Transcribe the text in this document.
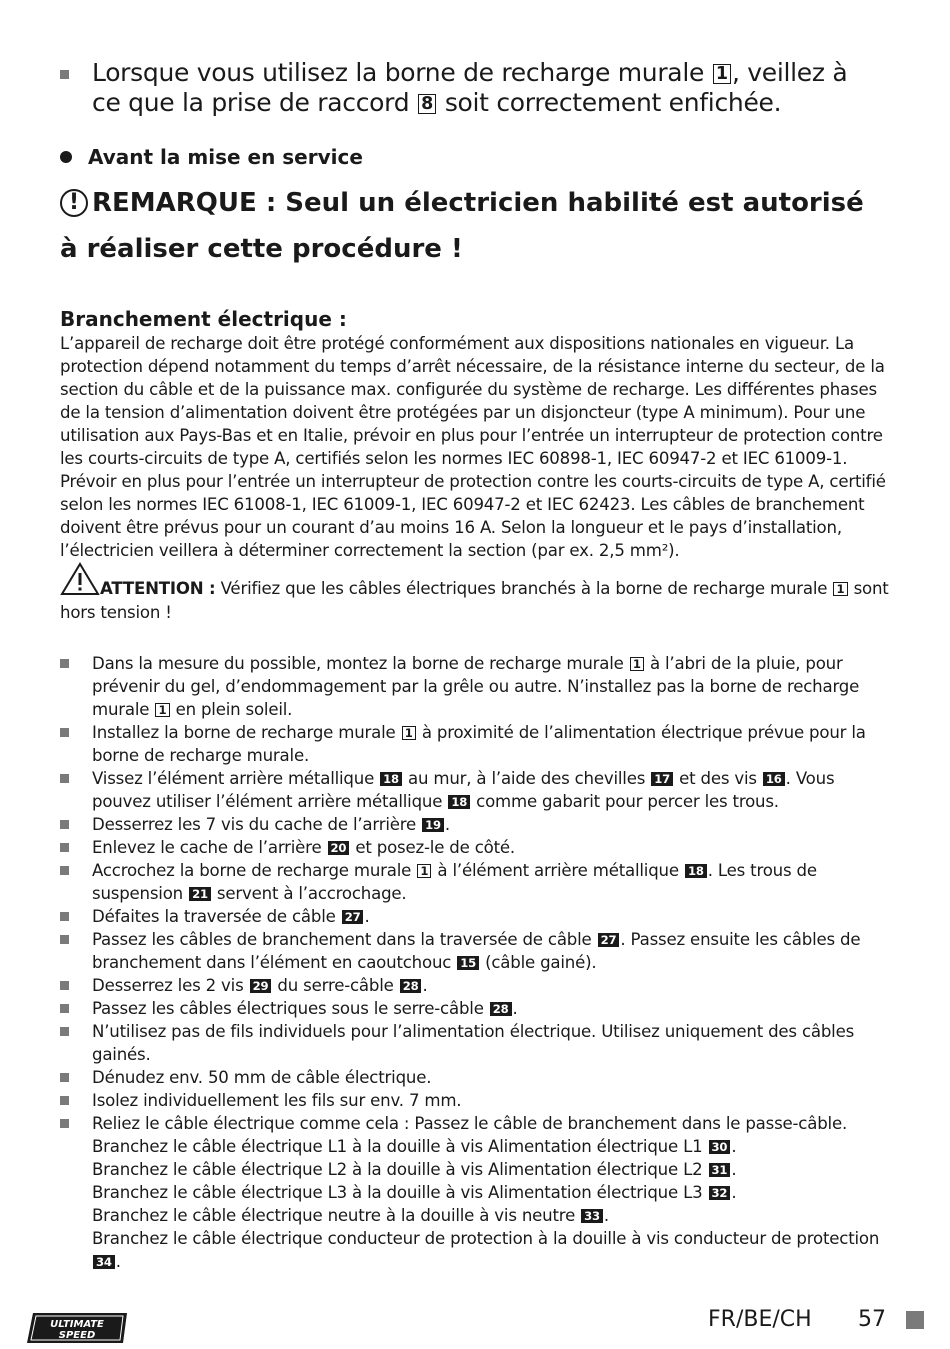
Lorsque vous utilisez la borne de recharge murale 1 , veillez à ce que la prise de raccord 8 soit correctement enfichée.
Avant la mise en service
! REMARQUE : Seul un électricien habilité est autorisé à réaliser cette procédure !
Branchement électrique :

L’appareil de recharge doit être protégé conformément aux dispositions nationales en vigueur. La protection dépend notamment du temps d’arrêt nécessaire, de la résistance interne du secteur, de la section du câble et de la puissance max. configurée du système de recharge. Les différentes phases de la tension d’alimentation doivent être protégées par un disjoncteur (type A minimum). Pour une utilisation aux Pays-Bas et en Italie, prévoir en plus pour l’entrée un interrupteur de protection contre les courts-circuits de type A, certifiés selon les normes IEC 60898-1, IEC 60947-2 et IEC 61009-1.

Prévoir en plus pour l’entrée un interrupteur de protection contre les courts-circuits de type A, certifié selon les normes IEC 61008-1, IEC 61009-1, IEC 60947-2 et IEC 62423. Les câbles de branchement doivent être prévus pour un courant d’au moins 16 A. Selon la longueur et le pays d’installation, l’électricien veillera à déterminer correctement la section (par ex. 2,5 mm²).

ATTENTION : Vérifiez que les câbles électriques branchés à la borne de recharge murale 1 sont hors tension !
Dans la mesure du possible, montez la borne de recharge murale 1 à l’abri de la pluie, pour prévenir du gel, d’endommagement par la grêle ou autre. N’installez pas la borne de recharge murale 1 en plein soleil.
Installez la borne de recharge murale 1 à proximité de l’alimentation électrique prévue pour la borne de recharge murale.
Vissez l’élément arrière métallique 18 au mur, à l’aide des chevilles 17 et des vis 16 . Vous pouvez utiliser l’élément arrière métallique 18 comme gabarit pour percer les trous.
Desserrez les 7 vis du cache de l’arrière 19 .
Enlevez le cache de l’arrière 20 et posez-le de côté.
Accrochez la borne de recharge murale 1 à l’élément arrière métallique 18 . Les trous de suspension 21 servent à l’accrochage.
Défaites la traversée de câble 27 .
Passez les câbles de branchement dans la traversée de câble 27 . Passez ensuite les câbles de branchement dans l’élément en caoutchouc 15 (câble gainé).
Desserrez les 2 vis 29 du serre-câble 28 .
Passez les câbles électriques sous le serre-câble 28 .
N’utilisez pas de fils individuels pour l’alimentation électrique. Utilisez uniquement des câbles gainés.
Dénudez env. 50 mm de câble électrique.
Isolez individuellement les fils sur env. 7 mm.
Reliez le câble électrique comme cela : Passez le câble de branchement dans le passe-câble.
Branchez le câble électrique L1 à la douille à vis Alimentation électrique L1 30 .
Branchez le câble électrique L2 à la douille à vis Alimentation électrique L2 31 .
Branchez le câble électrique L3 à la douille à vis Alimentation électrique L3 32 .
Branchez le câble électrique neutre à la douille à vis neutre 33 .
Branchez le câble électrique conducteur de protection à la douille à vis conducteur de protection 34 .
ULTIMATE
SPEED
FR/BE/CH 57
